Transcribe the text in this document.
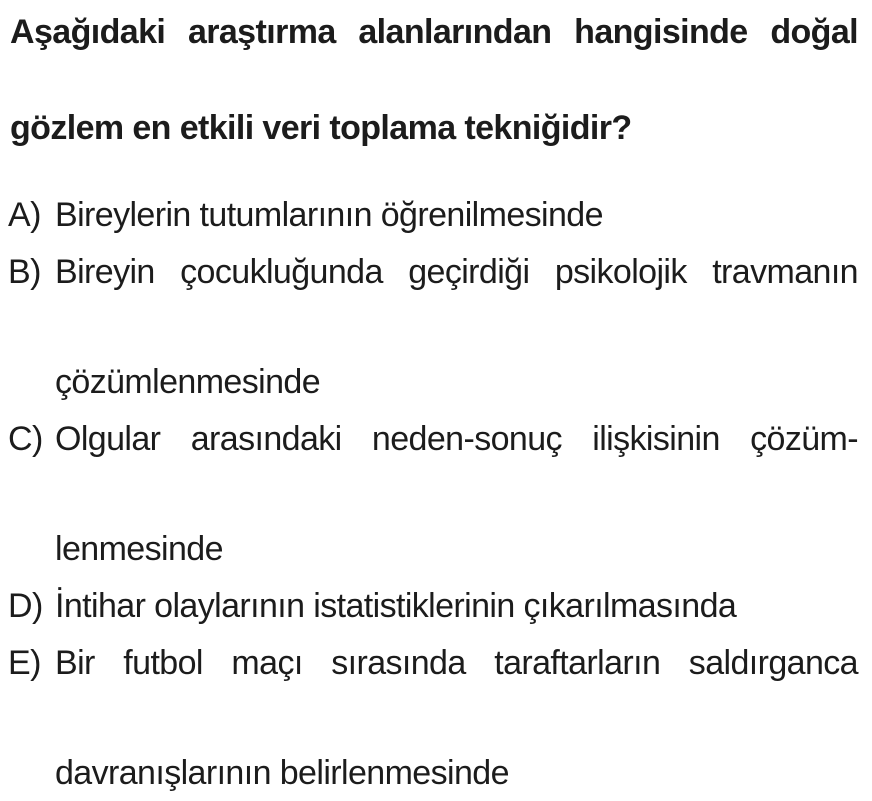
Aşağıdaki araştırma alanlarından hangisinde doğal
gözlem en etkili veri toplama tekniğidir?
A) Bireylerin tutumlarının öğrenilmesinde
B) Bireyin çocukluğunda geçirdiği psikolojik travmanın
çözümlenmesinde
C) Olgular arasındaki neden-sonuç ilişkisinin çözüm-
lenmesinde
D) İntihar olaylarının istatistiklerinin çıkarılmasında
E) Bir futbol maçı sırasında taraftarların saldırganca
davranışlarının belirlenmesinde
